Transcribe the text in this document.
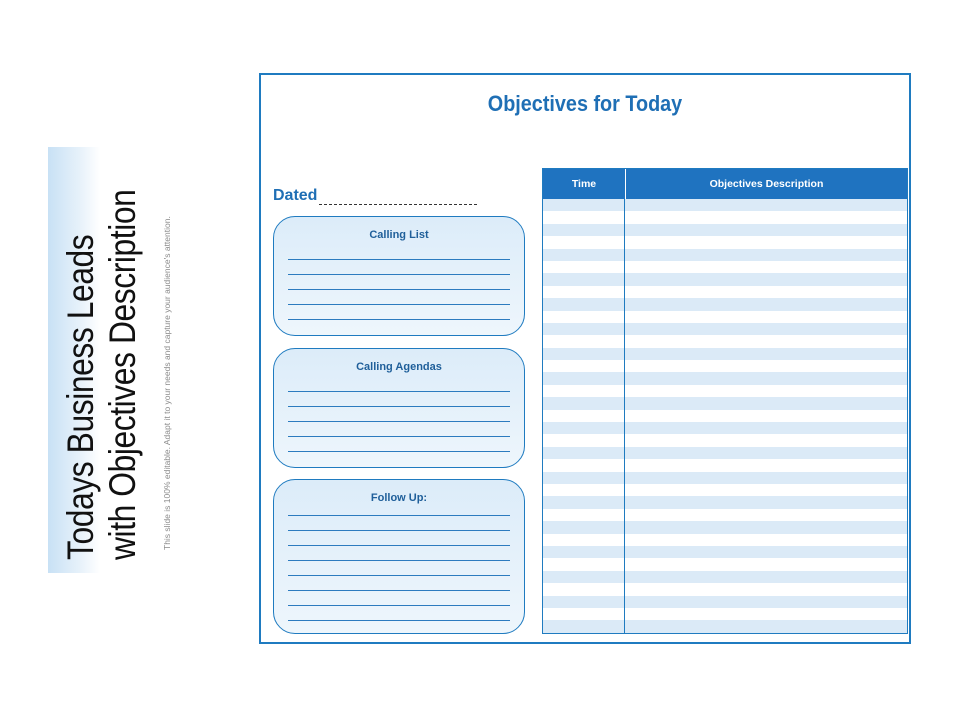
Todays Business Leads with Objectives Description This slide is 100% editable. Adapt it to your needs and capture your audience's attention.
Objectives for Today
Dated
Calling List
Calling Agendas
Follow Up:
Time	Objectives Description
